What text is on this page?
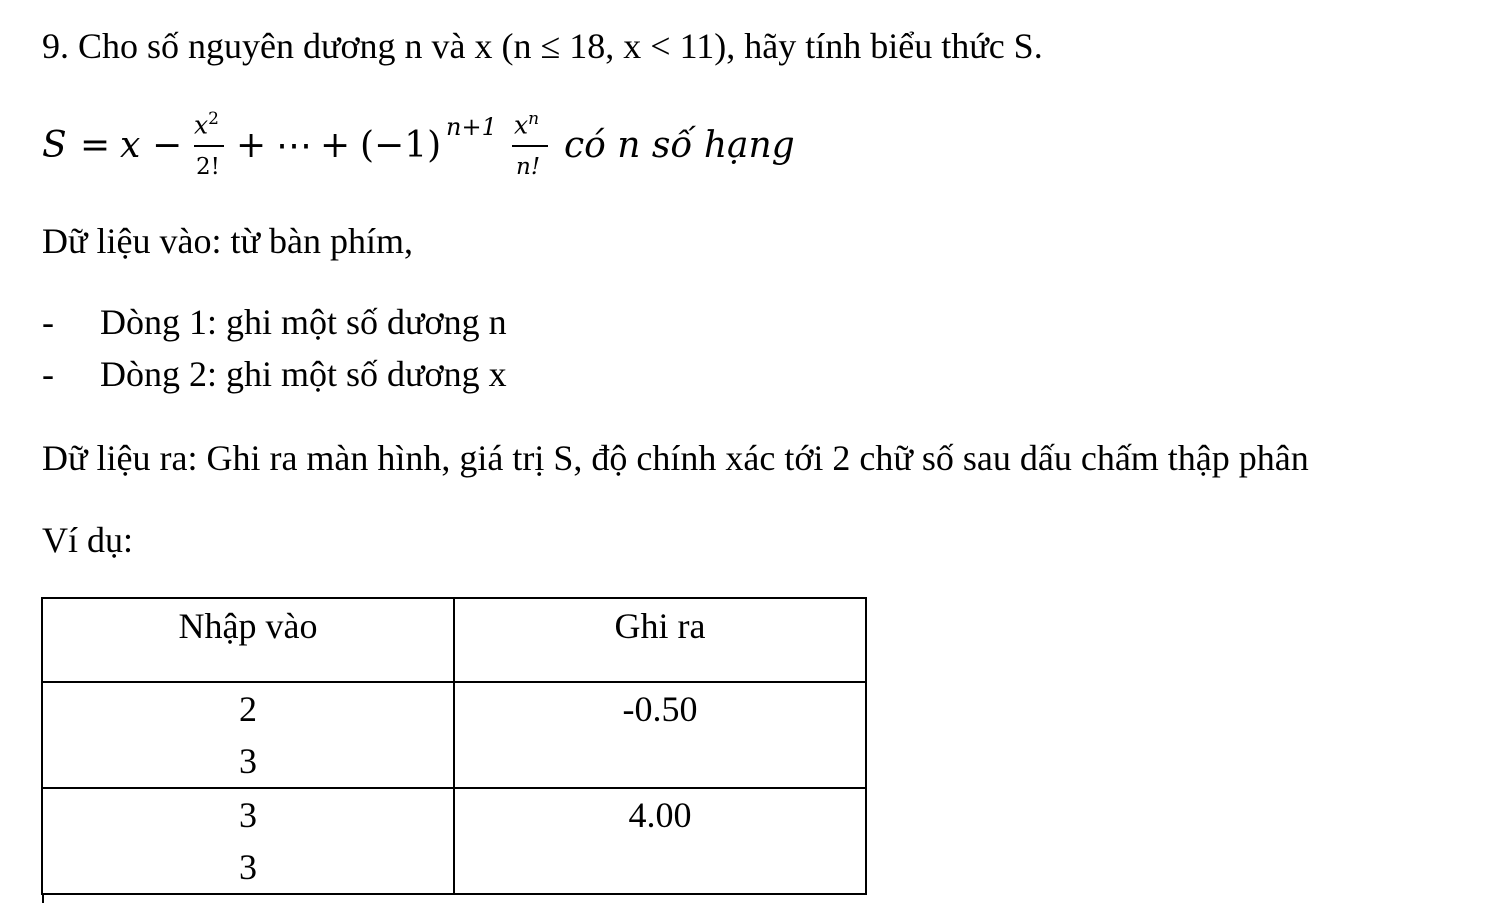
9. Cho số nguyên dương n và x (n ≤ 18, x < 11), hãy tính biểu thức S.
S = x −
$x^2$
2!
+ ⋯ + (−1) n+1 $x^n$
n!
có n số hạng
Dữ liệu vào: từ bàn phím,
- Dòng 1: ghi một số dương n
- Dòng 2: ghi một số dương x
Dữ liệu ra: Ghi ra màn hình, giá trị S, độ chính xác tới 2 chữ số sau dấu chấm thập phân
Ví dụ:
Nhập vào	Ghi ra

2
3	-0.50

3
3	4.00
